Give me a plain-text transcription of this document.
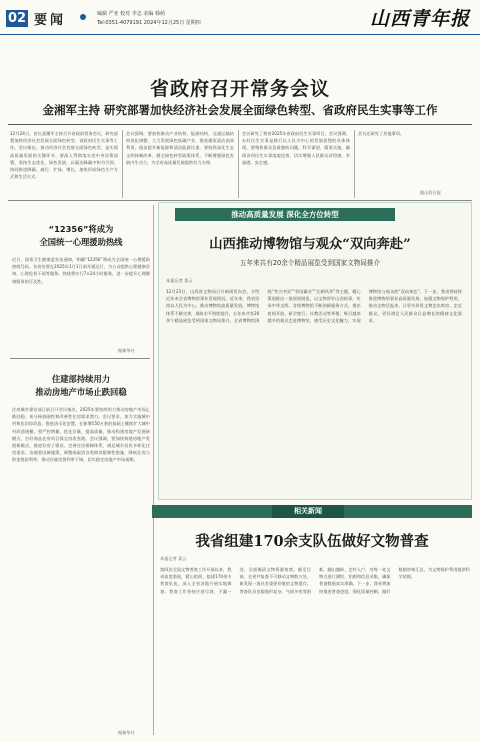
02 要闻	编辑 严亚 校对 李志 美编 韩萌
Tel:0351-4079191 2024年12月25日 星期四	山西青年报
省政府召开常务会议
金湘军主持 研究部署加快经济社会发展全面绿色转型、省政府民生实事等工作
12月24日，省长金湘军主持召开省政府常务会议，研究部署加快经济社会发展全面绿色转型、省政府民生实事等工作。会议指出，推动经济社会发展全面绿色转型，是实现高质量发展的关键环节。要深入贯彻落实党中央决策部署，坚持生态优先、绿色发展，以碳达峰碳中和为引领，协同推进降碳、减污、扩绿、增长，加快形成绿色生产方式和生活方式。
会议强调，要加快推动产业结构、能源结构、交通运输结构优化调整，大力发展绿色低碳产业，推进煤炭清洁高效利用，稳步提升新能源和清洁能源比重。要持续深化生态文明体制改革，健全绿色转型政策体系，不断增强绿色发展内生动力，为全省高质量发展提供有力支撑。
会议研究了我省2025年省政府民生实事项目。会议强调，办好民生实事是践行以人民为中心的发展思想的具体体现，要聚焦群众急难愁盼问题，科学谋划、精准实施，确保各项民生实事落地见效，切实增强人民群众获得感、幸福感、安全感。
会议还研究了其他事项。
据山西日报
“12356”将成为
全国统一心理援助热线
近日，国家卫生健康委发布通知，明确“12356”将成为全国统一心理援助热线号码。各省份要在2025年1月1日前开通运行，为公众提供心理健康咨询、心理危机干预等服务。热线将实行7×24小时服务，进一步提升心理健康服务的可及性。
据新华社
住建部持续用力
推动房地产市场止跌回稳
住房城乡建设部日前召开会议指出，2025年要持续用力推动房地产市场止跌回稳，充分释放刚性和改善性住房需求潜力。会议要求，加力实施城中村和危旧房改造，推进货币化安置，在新增150万套的基础上继续扩大城中村改造规模。要严控增量、优化存量、提高质量，推动构建房地产发展新模式，打好商品住房项目保交房攻坚战。会议强调，要加快构建房地产发展新模式，推进好房子建设，完善住房保障体系，满足城乡居民多样化住房需求。各地要因城施策，调整或取消各类购房限制性措施，降低住房公积金贷款利率，推动存量房贷利率下调，切实稳定房地产市场预期。
据新华社
推动高质量发展 深化全方位转型
山西推动博物馆与观众“双向奔赴”
五年来共有20余个精品展览受到国家文物局推介
本报记者 姜云
12月23日，山西省文物局召开新闻发布会，介绍近年来全省博物馆事业发展情况。近年来，我省坚持以人民为中心，推动博物馆高质量发展，博物馆体系不断完善，展陈水平持续提升，五年来共有20余个精品展览受到国家文物局推介。全省博物馆围绕“考古中国”“晋国霸业”“北朝风华”等主题，精心策划推出一批原创展览，以文物讲好山西故事，传承中华文明。各级博物馆不断创新服务方式，推出夜间开放、研学旅行、社教活动等举措，吸引越来越多的观众走进博物馆，感受历史文化魅力，实现博物馆与观众的“双向奔赴”。下一步，我省将持续推进博物馆事业高质量发展，加强文物保护利用，推动文物活起来，让更多珍贵文物走出库房、走近群众，更好满足人民群众日益增长的精神文化需求。
相关新闻
我省组建170余支队伍做好文物普查
本报记者 姜云
第四次全国文物普查工作开展以来，我省高度重视，精心组织，组建170余支普查队伍，深入全省各地开展实地调查。普查工作坚持应查尽查、不漏一处，全面摸清文物资源家底。截至目前，全省共复查不可移动文物数万处，新发现一批具有重要价值的文物遗存。普查队员克服地形复杂、气候多变等困难，翻山越岭、走村入户，对每一处文物点进行测绘、拍照和信息采集，确保普查数据真实准确。下一步，我省将加快推进普查进度，强化质量控制，做好数据审核汇总，为文物保护利用提供科学依据。
